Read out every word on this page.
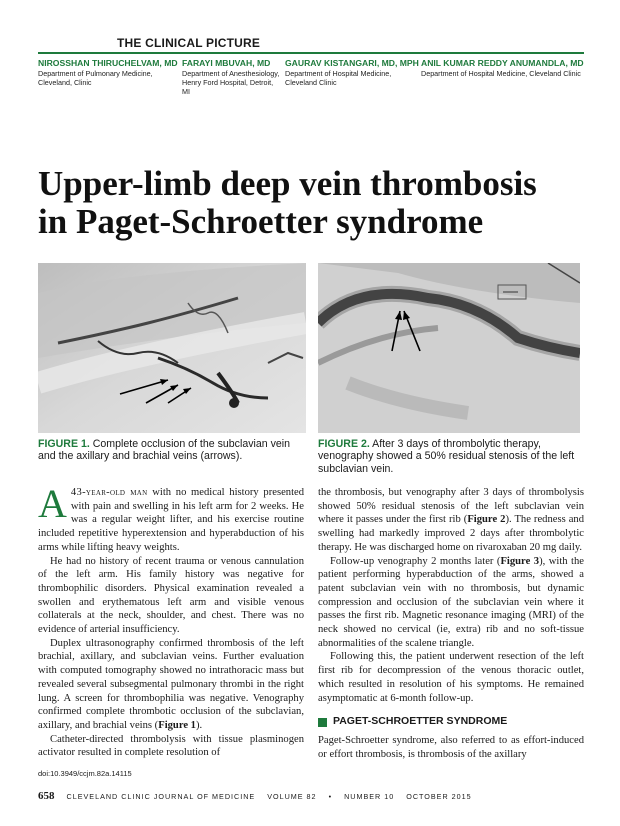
THE CLINICAL PICTURE
NIROSSHAN THIRUCHELVAM, MD
Department of Pulmonary Medicine,
Cleveland, Clinic
FARAYI MBUVAH, MD
Department of Anesthesiology,
Henry Ford Hospital, Detroit, MI
GAURAV KISTANGARI, MD, MPH
Department of Hospital Medicine,
Cleveland Clinic
ANIL KUMAR REDDY ANUMANDLA, MD
Department of Hospital Medicine, Cleveland Clinic
Upper-limb deep vein thrombosis
in Paget-Schroetter syndrome
FIGURE 1. Complete occlusion of the subclavian vein and the axillary and brachial veins (arrows).
FIGURE 2. After 3 days of thrombolytic therapy, venography showed a 50% residual stenosis of the left subclavian vein.

A 43-year-old man with no medical history presented with pain and swelling in his left arm for 2 weeks. He was a regular weight lifter, and his exercise routine included repetitive hyperextension and hyperabduction of his arms while lifting heavy weights.

He had no history of recent trauma or venous cannulation of the left arm. His family history was negative for thrombophilic disorders. Physical examination revealed a swollen and erythematous left arm and visible venous collaterals at the neck, shoulder, and chest. There was no evidence of arterial insufficiency.

Duplex ultrasonography confirmed thrombosis of the left brachial, axillary, and subclavian veins. Further evaluation with computed tomography showed no intrathoracic mass but revealed several subsegmental pulmonary thrombi in the right lung. A screen for thrombophilia was negative. Venography confirmed complete thrombotic occlusion of the subclavian, axillary, and brachial veins (Figure 1).

Catheter-directed thrombolysis with tissue plasminogen activator resulted in complete resolution of

the thrombosis, but venography after 3 days of thrombolysis showed 50% residual stenosis of the left subclavian vein where it passes under the first rib (Figure 2). The redness and swelling had markedly improved 2 days after thrombolytic therapy. He was discharged home on rivaroxaban 20 mg daily.

Follow-up venography 2 months later (Figure 3), with the patient performing hyperabduction of the arms, showed a patent subclavian vein with no thrombosis, but dynamic compression and occlusion of the subclavian vein where it passes the first rib. Magnetic resonance imaging (MRI) of the neck showed no cervical (ie, extra) rib and no soft-tissue abnormalities of the scalene triangle.

Following this, the patient underwent resection of the left first rib for decompression of the venous thoracic outlet, which resulted in resolution of his symptoms. He remained asymptomatic at 6-month follow-up.

PAGET-SCHROETTER SYNDROME

Paget-Schroetter syndrome, also referred to as effort-induced or effort thrombosis, is thrombosis of the axillary

doi:10.3949/ccjm.82a.14115
658 CLEVELAND CLINIC JOURNAL OF MEDICINE VOLUME 82 • NUMBER 10 OCTOBER 2015
